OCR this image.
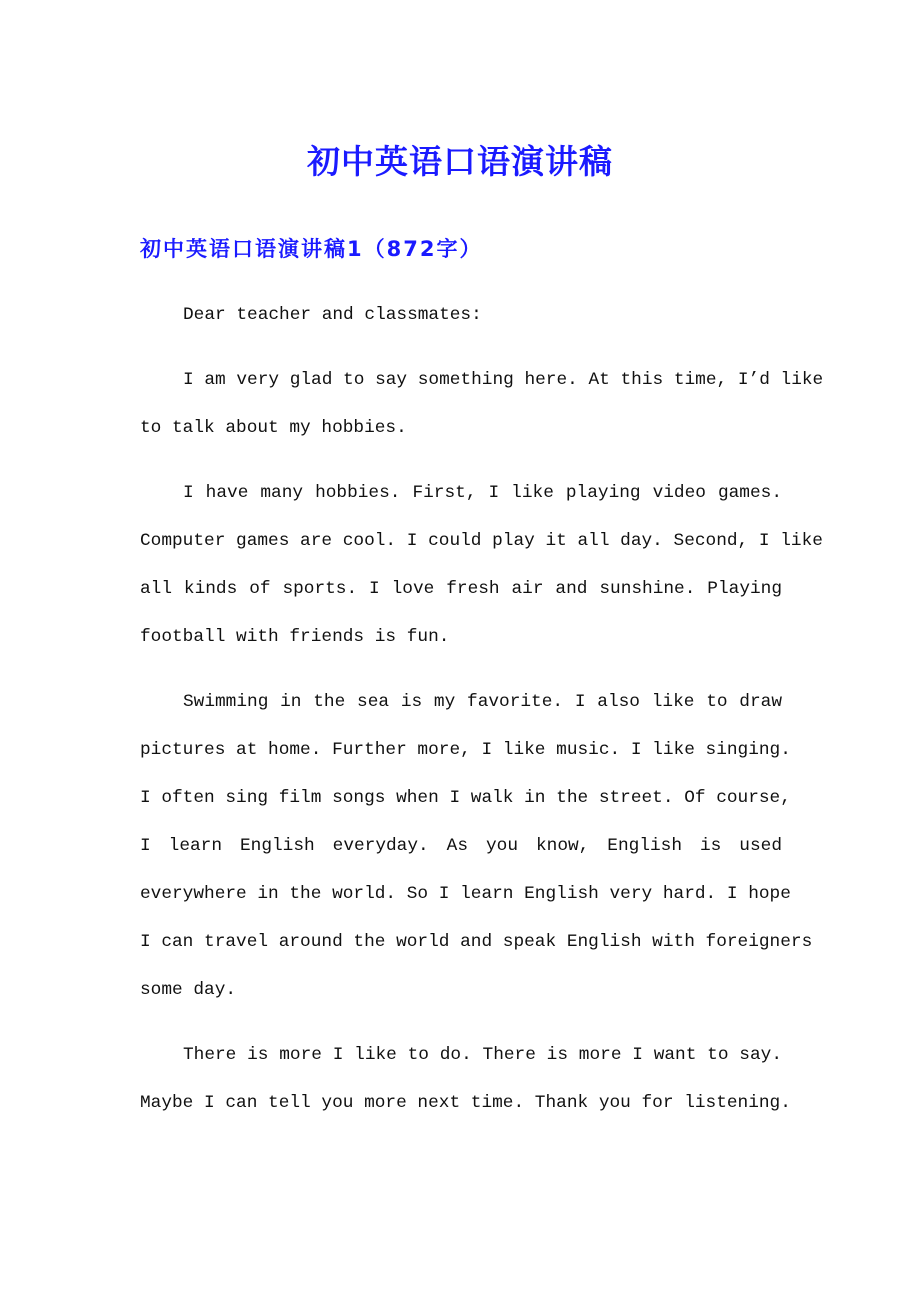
初中英语口语演讲稿
初中英语口语演讲稿1（872字）
Dear teacher and classmates:
I am very glad to say something here. At this time, I’d like
to talk about my hobbies.
I have many hobbies. First, I like playing video games.
Computer games are cool. I could play it all day. Second, I like
all kinds of sports. I love fresh air and sunshine. Playing
football with friends is fun.
Swimming in the sea is my favorite. I also like to draw
pictures at home. Further more, I like music. I like singing.
I often sing film songs when I walk in the street. Of course,
I learn English everyday. As you know, English is used
everywhere in the world. So I learn English very hard. I hope
I can travel around the world and speak English with foreigners
some day.
There is more I like to do. There is more I want to say.
Maybe I can tell you more next time. Thank you for listening.
